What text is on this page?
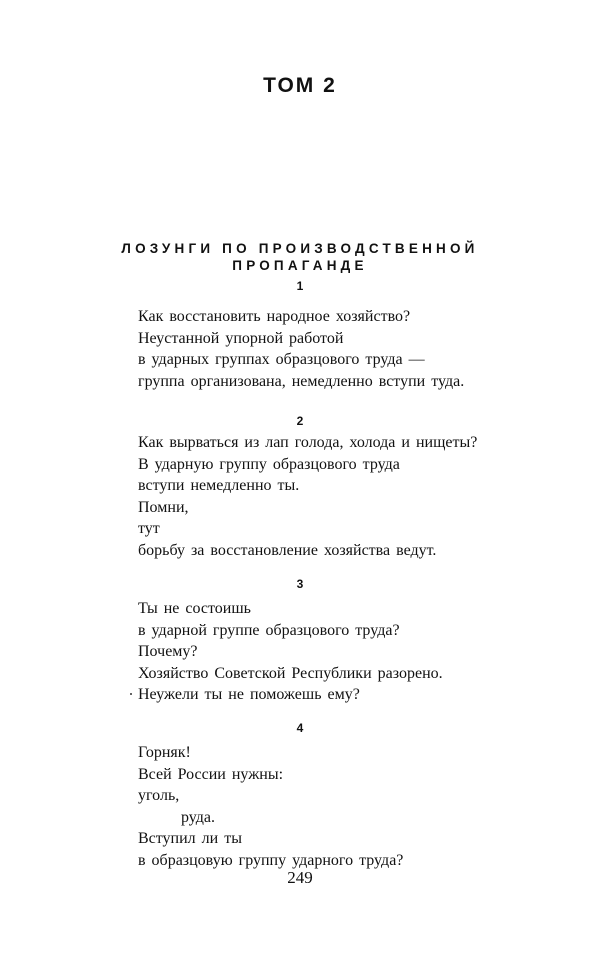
ТОМ 2
ЛОЗУНГИ ПО ПРОИЗВОДСТВЕННОЙ
ПРОПАГАНДЕ
1
Как восстановить народное хозяйство?
Неустанной упорной работой
в ударных группах образцового труда —
группа организована, немедленно вступи туда.
2
Как вырваться из лап голода, холода и нищеты?
В ударную группу образцового труда
вступи немедленно ты.
Помни,
тут
борьбу за восстановление хозяйства ведут.
3
Ты не состоишь
в ударной группе образцового труда?
Почему?
Хозяйство Советской Республики разорено.
Неужели ты не поможешь ему?
4
Горняк!
Всей России нужны:
уголь,
руда.
Вступил ли ты
в образцовую группу ударного труда?
249
